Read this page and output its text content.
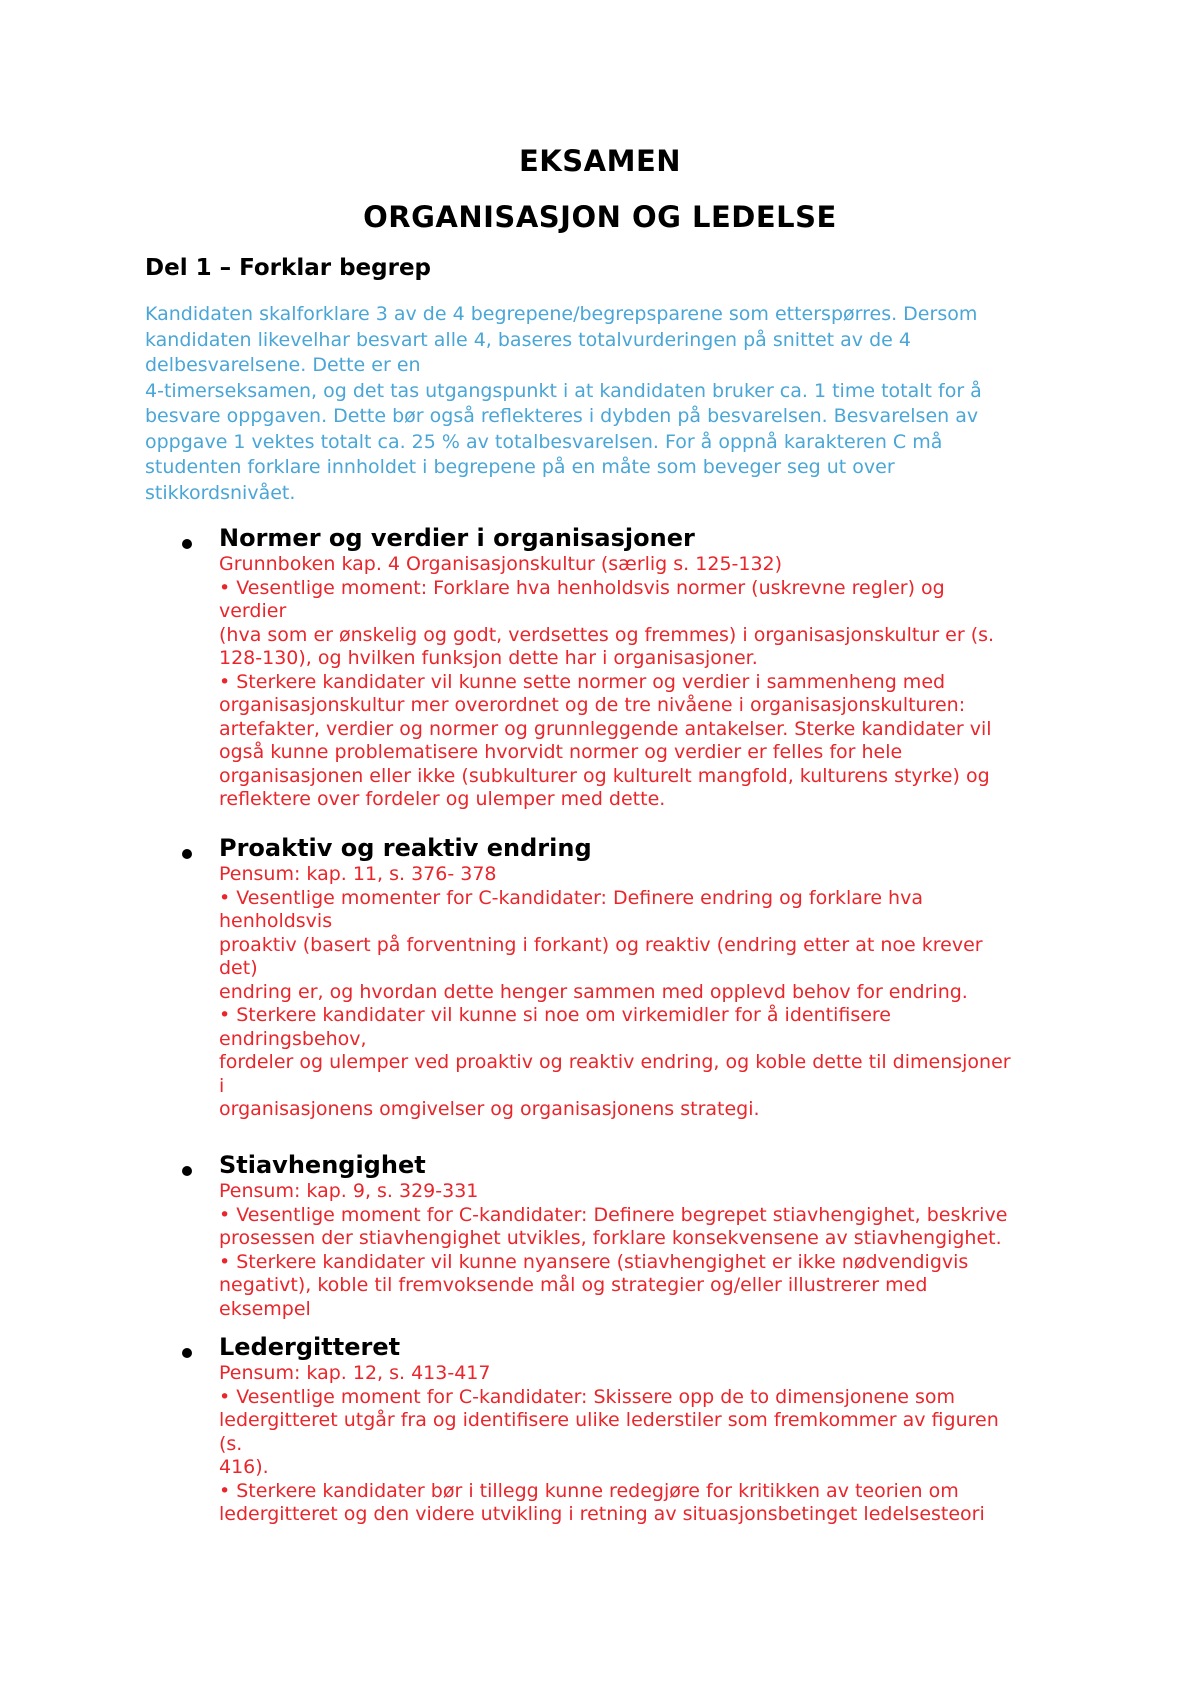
EKSAMEN
ORGANISASJON OG LEDELSE
Del 1 – Forklar begrep
Kandidaten skalforklare 3 av de 4 begrepene/begrepsparene som etterspørres. Dersom
kandidaten likevelhar besvart alle 4, baseres totalvurderingen på snittet av de 4
delbesvarelsene. Dette er en
4-timerseksamen, og det tas utgangspunkt i at kandidaten bruker ca. 1 time totalt for å
besvare oppgaven. Dette bør også reflekteres i dybden på besvarelsen. Besvarelsen av
oppgave 1 vektes totalt ca. 25 % av totalbesvarelsen. For å oppnå karakteren C må
studenten forklare innholdet i begrepene på en måte som beveger seg ut over
stikkordsnivået.
Normer og verdier i organisasjoner
Grunnboken kap. 4 Organisasjonskultur (særlig s. 125-132)
• Vesentlige moment: Forklare hva henholdsvis normer (uskrevne regler) og
verdier
(hva som er ønskelig og godt, verdsettes og fremmes) i organisasjonskultur er (s.
128-130), og hvilken funksjon dette har i organisasjoner.
• Sterkere kandidater vil kunne sette normer og verdier i sammenheng med
organisasjonskultur mer overordnet og de tre nivåene i organisasjonskulturen:
artefakter, verdier og normer og grunnleggende antakelser. Sterke kandidater vil
også kunne problematisere hvorvidt normer og verdier er felles for hele
organisasjonen eller ikke (subkulturer og kulturelt mangfold, kulturens styrke) og
reflektere over fordeler og ulemper med dette.
Proaktiv og reaktiv endring
Pensum: kap. 11, s. 376- 378
• Vesentlige momenter for C-kandidater: Definere endring og forklare hva
henholdsvis
proaktiv (basert på forventning i forkant) og reaktiv (endring etter at noe krever
det)
endring er, og hvordan dette henger sammen med opplevd behov for endring.
• Sterkere kandidater vil kunne si noe om virkemidler for å identifisere
endringsbehov,
fordeler og ulemper ved proaktiv og reaktiv endring, og koble dette til dimensjoner
i
organisasjonens omgivelser og organisasjonens strategi.
Stiavhengighet
Pensum: kap. 9, s. 329-331
• Vesentlige moment for C-kandidater: Definere begrepet stiavhengighet, beskrive
prosessen der stiavhengighet utvikles, forklare konsekvensene av stiavhengighet.
• Sterkere kandidater vil kunne nyansere (stiavhengighet er ikke nødvendigvis
negativt), koble til fremvoksende mål og strategier og/eller illustrerer med
eksempel
Ledergitteret
Pensum: kap. 12, s. 413-417
• Vesentlige moment for C-kandidater: Skissere opp de to dimensjonene som
ledergitteret utgår fra og identifisere ulike lederstiler som fremkommer av figuren
(s.
416).
• Sterkere kandidater bør i tillegg kunne redegjøre for kritikken av teorien om
ledergitteret og den videre utvikling i retning av situasjonsbetinget ledelsesteori
